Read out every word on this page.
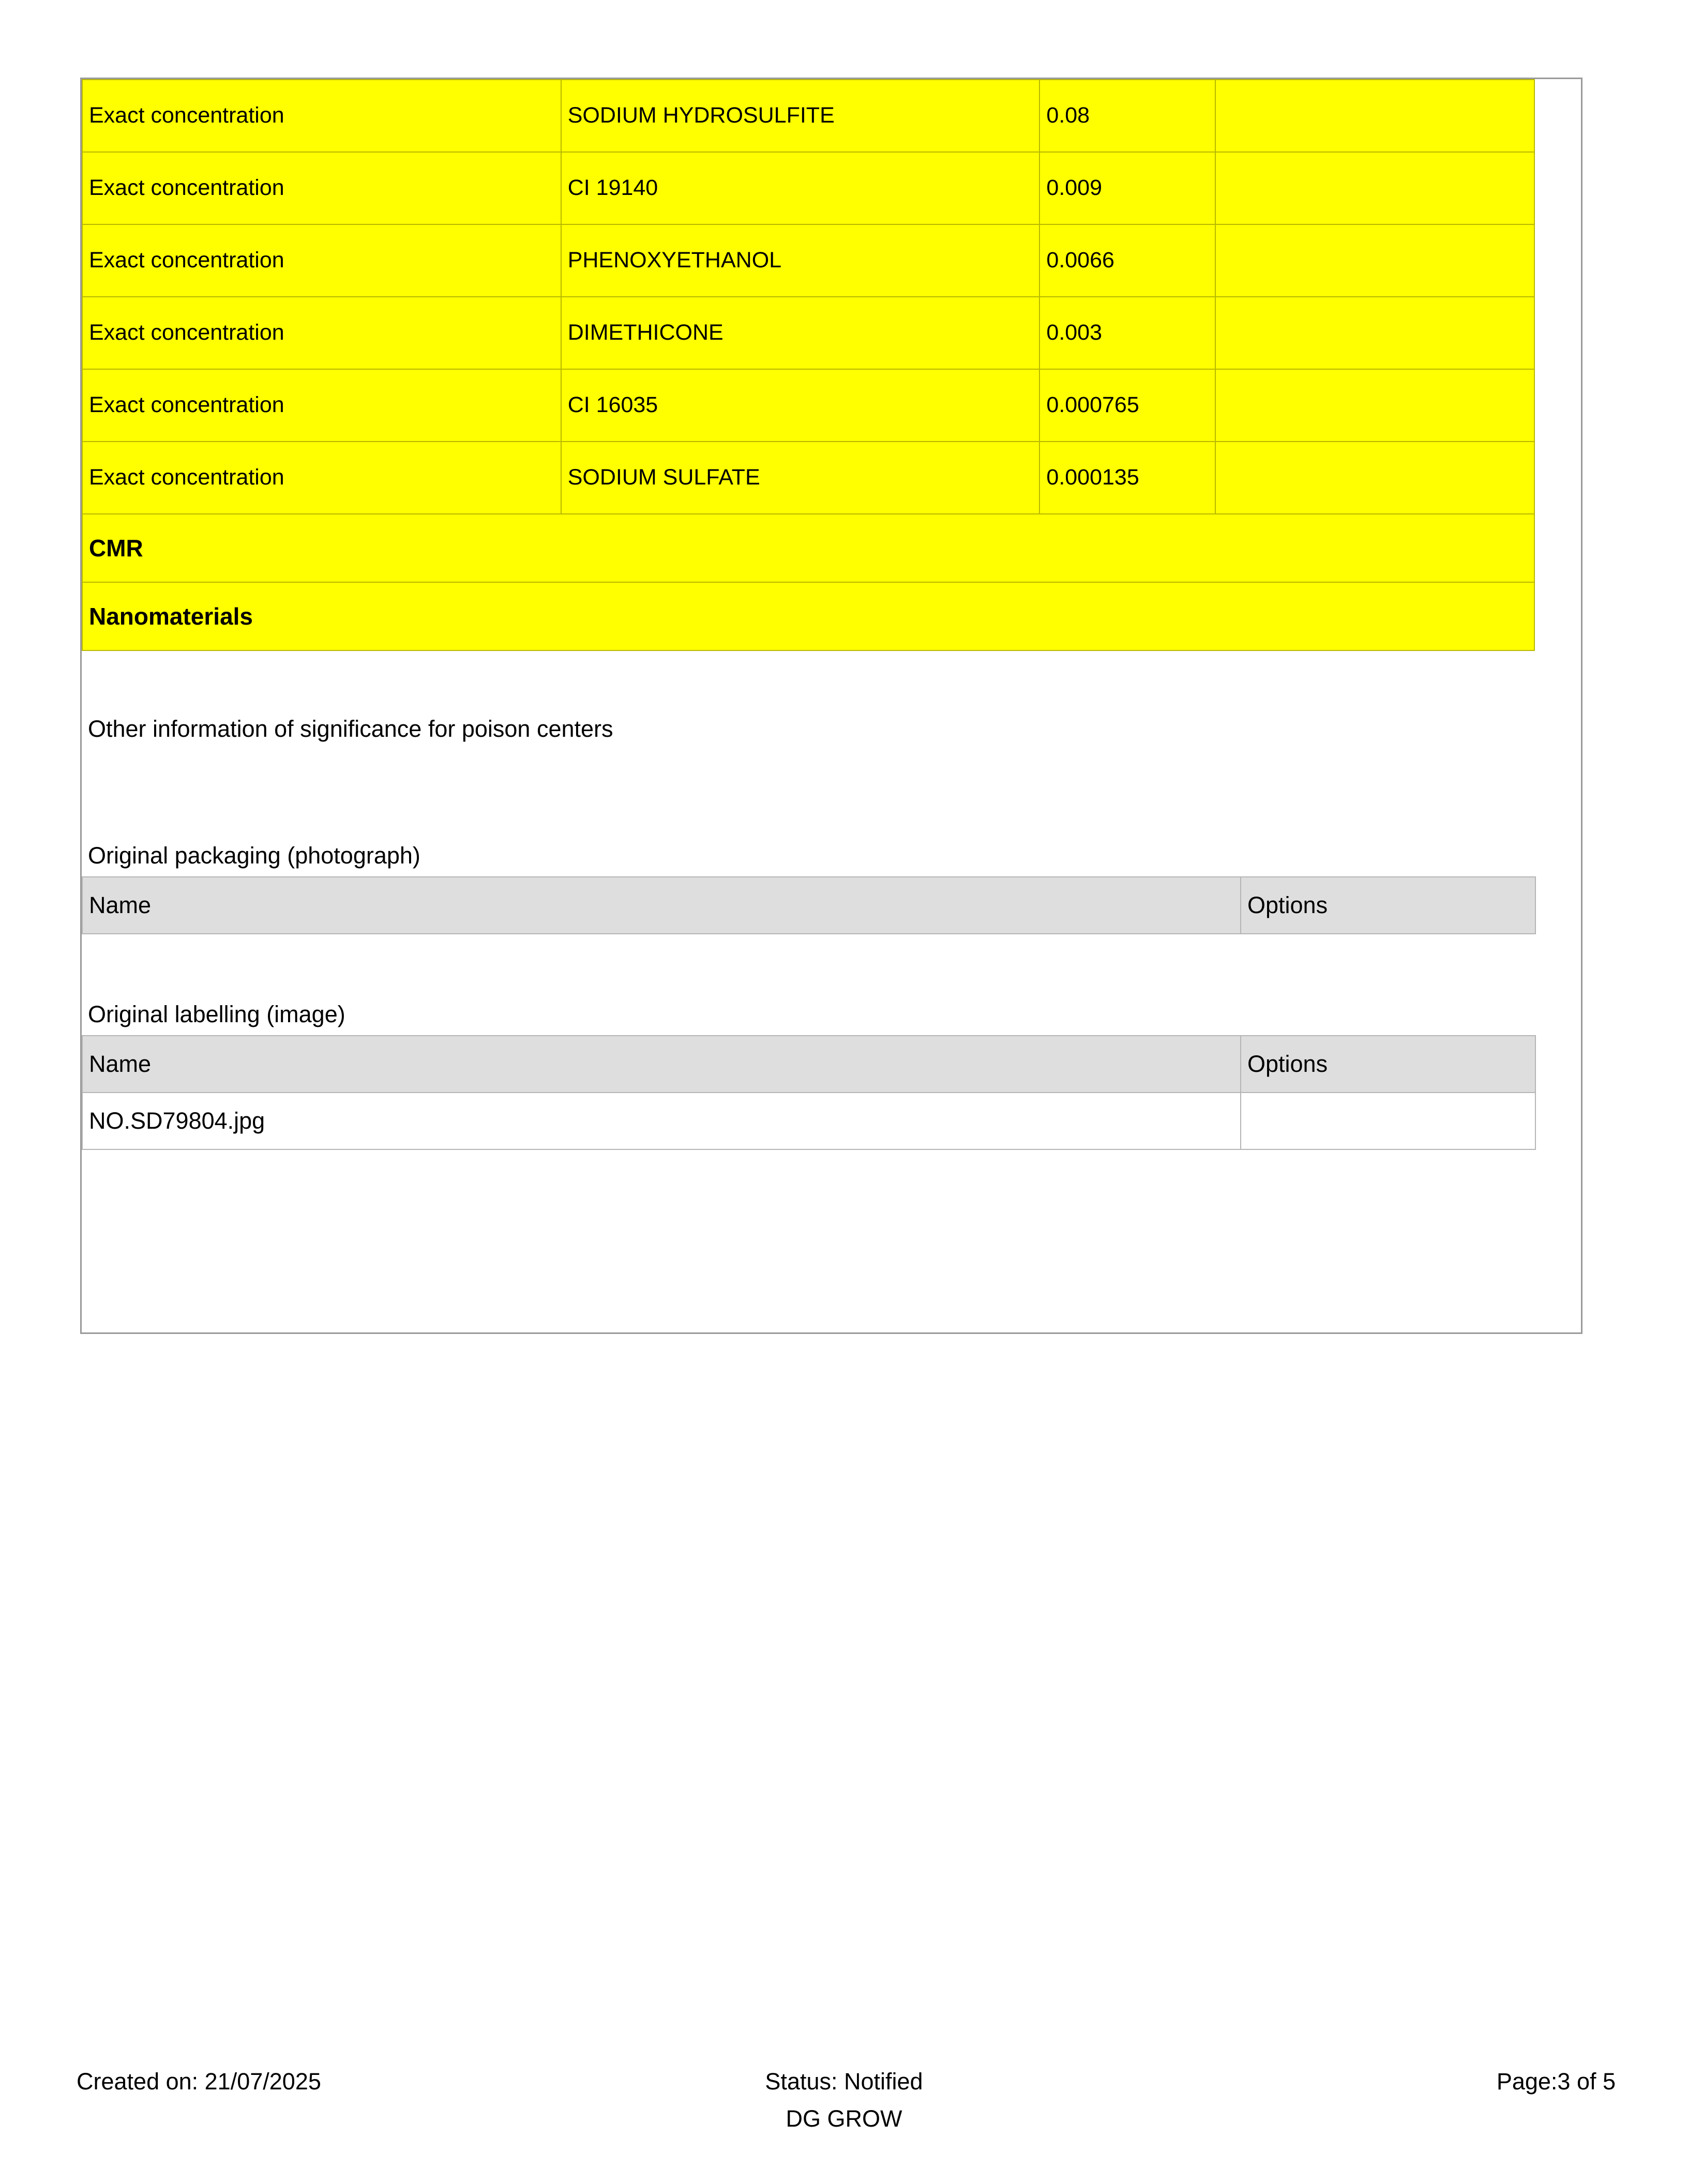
Exact concentration	SODIUM HYDROSULFITE	0.08	
Exact concentration	CI 19140	0.009	
Exact concentration	PHENOXYETHANOL	0.0066	
Exact concentration	DIMETHICONE	0.003	
Exact concentration	CI 16035	0.000765	
Exact concentration	SODIUM SULFATE	0.000135	
CMR			
Nanomaterials			
Other information of significance for poison centers
Original packaging (photograph)
Name	Options
Original labelling (image)
Name	Options
NO.SD79804.jpg	
Created on: 21/07/2025	Status: Notified
DG GROW
Page:3 of 5
